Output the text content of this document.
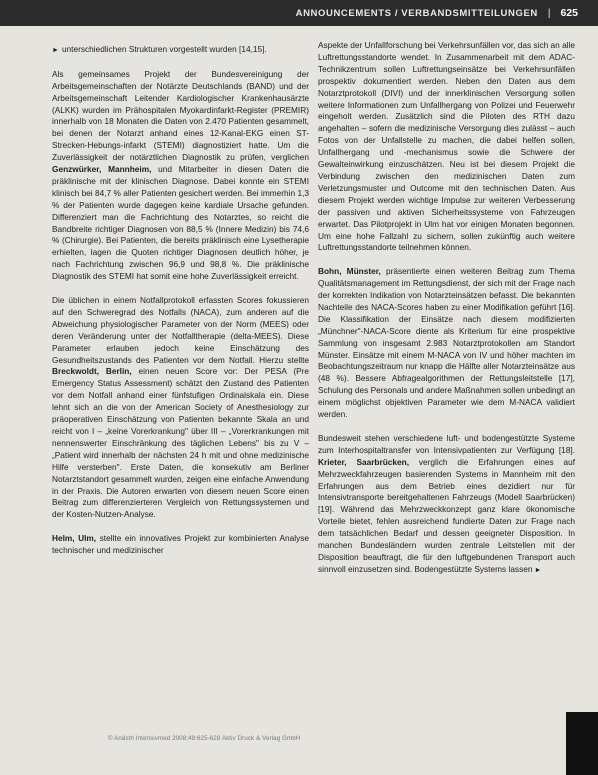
ANNOUNCEMENTS / VERBANDSMITTEILUNGEN | 625

► unterschiedlichen Strukturen vorgestellt wurden [14,15].

Als gemeinsames Projekt der Bundesvereinigung der Arbeitsgemeinschaften der Notärzte Deutschlands (BAND) und der Arbeitsgemeinschaft Leitender Kardiologischer Krankenhausärzte (ALKK) wurden im Prähospitalen Myokardinfarkt-Register (PREMIR) innerhalb von 18 Monaten die Daten von 2.470 Patienten gesammelt, bei denen der Notarzt anhand eines 12-Kanal-EKG einen ST-Strecken-Hebungs-infarkt (STEMI) diagnostiziert hatte. Um die Zuverlässigkeit der notärztlichen Diagnostik zu prüfen, verglichen Genzwürker, Mannheim, und Mitarbeiter in diesen Daten die präklinische mit der klinischen Diagnose. Dabei konnte ein STEMI klinisch bei 84,7 % aller Patienten gesichert werden. Bei immerhin 1,3 % der Patienten wurde dagegen keine kardiale Ursache gefunden. Differenziert man die Fachrichtung des Notarztes, so reicht die Bandbreite richtiger Diagnosen von 88,5 % (Innere Medizin) bis 74,6 % (Chirurgie). Bei Patienten, die bereits präklinisch eine Lysetherapie erhielten, lagen die Quoten richtiger Diagnosen deutlich höher, je nach Fachrichtung zwischen 96,9 und 98,8 %. Die präklinische Diagnostik des STEMI hat somit eine hohe Zuverlässigkeit erreicht.

Die üblichen in einem Notfallprotokoll erfassten Scores fokussieren auf den Schweregrad des Notfalls (NACA), zum anderen auf die Abweichung physiologischer Parameter von der Norm (MEES) oder deren Veränderung unter der Notfalltherapie (delta-MEES). Diese Parameter erlauben jedoch keine Einschätzung des Gesundheitszustands des Patienten vor dem Notfall. Hierzu stellte Breckwoldt, Berlin, einen neuen Score vor: Der PESA (Pre Emergency Status Assessment) schätzt den Zustand des Patienten vor dem Notfall anhand einer fünfstufigen Ordinalskala ein. Diese lehnt sich an die von der American Society of Anesthesiology zur präoperativen Einschätzung von Patienten bekannte Skala an und reicht von I – „keine Vorerkrankung" über III – „Vorerkrankungen mit nennenswerter Einschränkung des täglichen Lebens" bis zu V – „Patient wird innerhalb der nächsten 24 h mit und ohne medizinische Hilfe versterben". Erste Daten, die konsekutiv am Berliner Notarztstandort gesammelt wurden, zeigen eine einfache Anwendung in der Praxis. Die Autoren erwarten von diesem neuen Score einen Beitrag zum differenzierteren Vergleich von Rettungssystemen und der Kosten-Nutzen-Analyse.

Helm, Ulm, stellte ein innovatives Projekt zur kombinierten Analyse technischer und medizinischer

Aspekte der Unfallforschung bei Verkehrsunfällen vor, das sich an alle Luftrettungsstandorte wendet. In Zusammenarbeit mit dem ADAC-Technikzentrum sollen Luftrettungseinsätze bei Verkehrsunfällen prospektiv dokumentiert werden. Neben den Daten aus dem Notarztprotokoll (DIVI) und der innerklinischen Versorgung sollen weitere Informationen zum Unfallhergang von Polizei und Feuerwehr eingeholt werden. Zusätzlich sind die Piloten des RTH dazu angehalten – sofern die medizinische Versorgung dies zulässt – auch Fotos von der Unfallstelle zu machen, die dabei helfen sollen, Unfallhergang und -mechanismus sowie die Schwere der Gewalteinwirkung einzuschätzen. Neu ist bei diesem Projekt die Verbindung zwischen den medizinischen Daten zum Verletzungsmuster und Outcome mit den technischen Daten. Aus diesem Projekt werden wichtige Impulse zur weiteren Verbesserung der passiven und aktiven Sicherheitssysteme von Fahrzeugen erwartet. Das Pilotprojekt in Ulm hat vor einigen Monaten begonnen. Um eine hohe Fallzahl zu sichern, sollen zukünftig auch weitere Luftrettungsstandorte teilnehmen können.

Bohn, Münster, präsentierte einen weiteren Beitrag zum Thema Qualitätsmanagement im Rettungsdienst, der sich mit der Frage nach der korrekten Indikation von Notarzteinsätzen befasst. Die bekannten Nachteile des NACA-Scores haben zu einer Modifikation geführt [16]. Die Klassifikation der Einsätze nach diesem modifizierten „Münchner"-NACA-Score diente als Kriterium für eine prospektive Sammlung von insgesamt 2.983 Notarztprotokollen am Standort Münster. Einsätze mit einem M-NACA von IV und höher machten im Beobachtungszeitraum nur knapp die Hälfte aller Notarzteinsätze aus (48 %). Bessere Abfragealgorithmen der Rettungsleitstelle [17], Schulung des Personals und andere Maßnahmen sollen unbedingt an einem möglichst objektiven Parameter wie dem M-NACA validiert werden.

Bundesweit stehen verschiedene luft- und bodengestützte Systeme zum Interhospitaltransfer von Intensivpatienten zur Verfügung [18]. Krieter, Saarbrücken, verglich die Erfahrungen eines auf Mehrzweckfahrzeugen basierenden Systems in Mannheim mit den Erfahrungen aus dem Betrieb eines dezidiert nur für Intensivtransporte bereitgehaltenen Fahrzeugs (Modell Saarbrücken) [19]. Während das Mehrzweckkonzept ganz klare ökonomische Vorteile bietet, fehlen ausreichend fundierte Daten zur Frage nach dem tatsächlichen Bedarf und dessen geeigneter Disposition. In manchen Bundesländern wurden zentrale Leitstellen mit der Disposition beauftragt, die für den luftgebundenen Transport auch sinnvoll einzusetzen sind. Bodengestützte Systems lassen ►

© Anästh Intensivmed 2008;49:625-628 Aktiv Druck & Verlag GmbH
